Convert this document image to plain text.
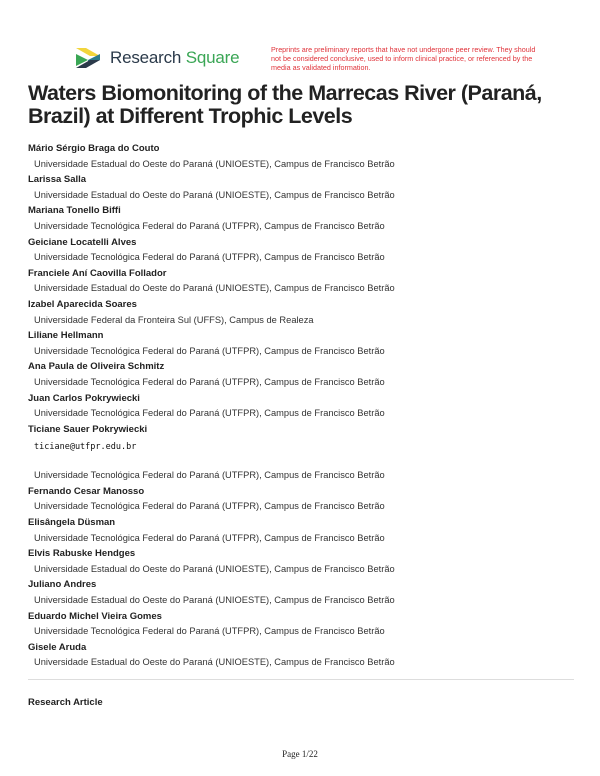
Research Square	Preprints are preliminary reports that have not undergone peer review. They should not be considered conclusive, used to inform clinical practice, or referenced by the media as validated information.
Waters Biomonitoring of the Marrecas River (Paraná, Brazil) at Different Trophic Levels
Mário Sérgio Braga do Couto
Universidade Estadual do Oeste do Paraná (UNIOESTE), Campus de Francisco Betrão
Larissa Salla
Universidade Estadual do Oeste do Paraná (UNIOESTE), Campus de Francisco Betrão
Mariana Tonello Biffi
Universidade Tecnológica Federal do Paraná (UTFPR), Campus de Francisco Betrão
Geiciane Locatelli Alves
Universidade Tecnológica Federal do Paraná (UTFPR), Campus de Francisco Betrão
Franciele Aní Caovilla Follador
Universidade Estadual do Oeste do Paraná (UNIOESTE), Campus de Francisco Betrão
Izabel Aparecida Soares
Universidade Federal da Fronteira Sul (UFFS), Campus de Realeza
Liliane Hellmann
Universidade Tecnológica Federal do Paraná (UTFPR), Campus de Francisco Betrão
Ana Paula de Oliveira Schmitz
Universidade Tecnológica Federal do Paraná (UTFPR), Campus de Francisco Betrão
Juan Carlos Pokrywiecki
Universidade Tecnológica Federal do Paraná (UTFPR), Campus de Francisco Betrão
Ticiane Sauer Pokrywiecki
ticiane@utfpr.edu.br
Universidade Tecnológica Federal do Paraná (UTFPR), Campus de Francisco Betrão
Fernando Cesar Manosso
Universidade Tecnológica Federal do Paraná (UTFPR), Campus de Francisco Betrão
Elisângela Düsman
Universidade Tecnológica Federal do Paraná (UTFPR), Campus de Francisco Betrão
Elvis Rabuske Hendges
Universidade Estadual do Oeste do Paraná (UNIOESTE), Campus de Francisco Betrão
Juliano Andres
Universidade Estadual do Oeste do Paraná (UNIOESTE), Campus de Francisco Betrão
Eduardo Michel Vieira Gomes
Universidade Tecnológica Federal do Paraná (UTFPR), Campus de Francisco Betrão
Gisele Aruda
Universidade Estadual do Oeste do Paraná (UNIOESTE), Campus de Francisco Betrão
Research Article
Page 1/22
